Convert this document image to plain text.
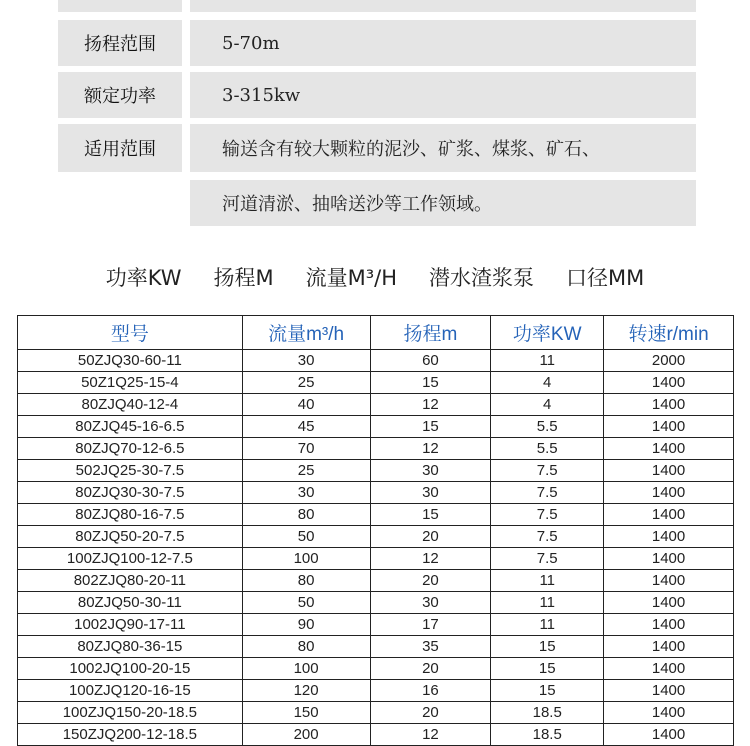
扬程范围	5-70m
额定功率	3-315kw
适用范围	输送含有较大颗粒的泥沙、矿浆、煤浆、矿石、
河道清淤、抽啥送沙等工作领域。
功率KW 扬程M 流量M³/H 潜水渣浆泵 口径MM
型号	流量m³/h	扬程m	功率KW	转速r/min
50ZJQ30-60-11	30	60	11	2000
50Z1Q25-15-4	25	15	4	1400
80ZJQ40-12-4	40	12	4	1400
80ZJQ45-16-6.5	45	15	5.5	1400
80ZJQ70-12-6.5	70	12	5.5	1400
502JQ25-30-7.5	25	30	7.5	1400
80ZJQ30-30-7.5	30	30	7.5	1400
80ZJQ80-16-7.5	80	15	7.5	1400
80ZJQ50-20-7.5	50	20	7.5	1400
100ZJQ100-12-7.5	100	12	7.5	1400
802ZJQ80-20-11	80	20	11	1400
80ZJQ50-30-11	50	30	11	1400
1002JQ90-17-11	90	17	11	1400
80ZJQ80-36-15	80	35	15	1400
1002JQ100-20-15	100	20	15	1400
100ZJQ120-16-15	120	16	15	1400
100ZJQ150-20-18.5	150	20	18.5	1400
150ZJQ200-12-18.5	200	12	18.5	1400
